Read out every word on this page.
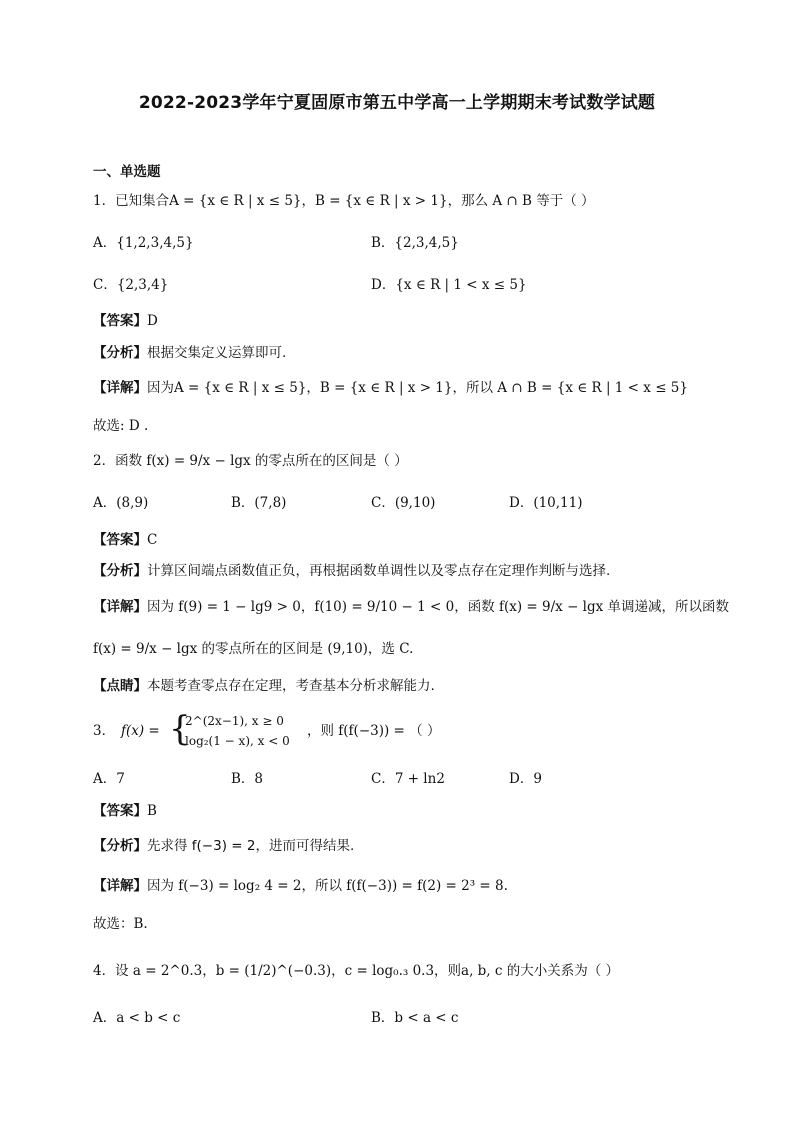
2022-2023学年宁夏固原市第五中学高一上学期期末考试数学试题
一、单选题
1．已知集合A = {x ∈ R | x ≤ 5}，B = {x ∈ R | x > 1}，那么 A ∩ B 等于（ ）
A．{1,2,3,4,5}	B．{2,3,4,5}
C．{2,3,4}	D．{x ∈ R | 1 < x ≤ 5}
【答案】D
【分析】根据交集定义运算即可.
【详解】因为A = {x ∈ R | x ≤ 5}，B = {x ∈ R | x > 1}，所以 A ∩ B = {x ∈ R | 1 < x ≤ 5}
故选: D .
2．函数 f(x) = 9/x − lgx 的零点所在的区间是（ ）
A．(8,9)	B．(7,8)	C．(9,10)	D．(10,11)
【答案】C
【分析】计算区间端点函数值正负，再根据函数单调性以及零点存在定理作判断与选择.
【详解】因为 f(9) = 1 − lg9 > 0，f(10) = 9/10 − 1 < 0，函数 f(x) = 9/x − lgx 单调递减，所以函数
f(x) = 9/x − lgx 的零点所在的区间是 (9,10)，选 C.
【点睛】本题考查零点存在定理，考查基本分析求解能力.
3． f(x) = {
2^(2x−1), x ≥ 0
log₂(1 − x), x < 0
，则 f(f(−3)) = （ ）
A．7	B．8	C．7 + ln2	D．9
【答案】B
【分析】先求得 f(−3) = 2，进而可得结果.
【详解】因为 f(−3) = log₂ 4 = 2，所以 f(f(−3)) = f(2) = 2³ = 8.
故选：B.
4．设 a = 2^0.3，b = (1/2)^(−0.3)，c = log₀.₃ 0.3，则a, b, c 的大小关系为（ ）
A．a < b < c	B．b < a < c
